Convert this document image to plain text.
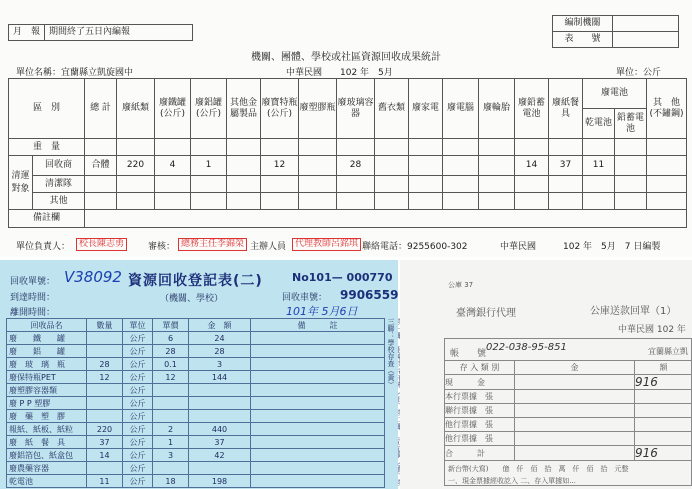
月　報	期間終了五日內編報
編制機關	
表　　號	
機關、團體、學校或社區資源回收成果統計
單位名稱：宜蘭縣立凱旋國中	中華民國　　102 年　5月	單位：公斤
區　別	總 計	廢紙類	廢鐵罐(公斤)	廢鋁罐(公斤)	其他金屬製品	廢寶特瓶(公斤)	廢塑膠瓶	廢玻璃容器	舊衣類	廢家電	廢電腦	廢輪胎	廢鉛蓄電池	廢紙餐具	廢電池		其　他(不鏽鋼)
															乾電池	鉛蓄電池	
重　量																		
清運對象	回收商	合體	220	4	1		12		28					14	37	11		
	清潔隊																	
	其他																	
備註欄																		
單位負責人： 校長陳志勇	審核： 總務主任李錦榮 主辦人員 代理教師呂銘琪 聯絡電話：9255600-302	中華民國　　　102 年　5月　7 日編製
回收單號： V38092 資源回收登記表(二)	No101— 000770
到達時間：	（機關、學校）	回收車號： 9906559
離開時間：	101年 5月6日
回收品名	數量	單位	單價	金　額	備　　　註
廢　　鐵　　罐		公斤	6	24	
廢　　鋁　　罐		公斤	28	28	
廢　玻　璃　瓶	28	公斤	0.1	3	
廢保特瓶PET	12	公斤	12	144	
廢塑膠容器類		公斤			
廢 P P 塑膠		公斤			
廢　藥　塑　膠		公斤			
報紙、紙板、紙粒	220	公斤	2	440	
廢　紙　餐　具	37	公斤	1	37	
廢鋁箔包、紙盒包	14	公斤	3	42	
廢農藥容器		公斤			
乾電池	11	公斤	18	198	
三聯：學校存查（黃）
公庫 37
臺灣銀行代理	公庫送款回單（1）
中華民國 102 年
帳　　號
022-038-95-851	宜蘭縣立凱
存 入 類 別	金	額
現　　　金		916
本行票據　張		
聯行票據　張		
他行票據　張		
他行票據　張		
合　　　計		916
新台幣(大寫)　　億　仟　佰　拾　萬　仟　佰　拾　元整
一、現金票據經收訖入 二、存入單據如...
